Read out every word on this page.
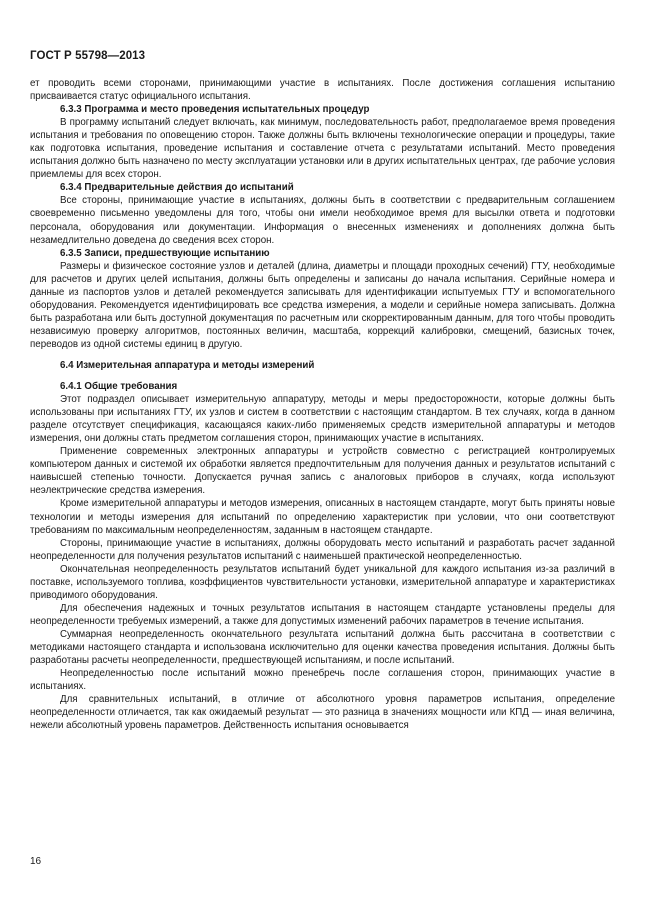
ГОСТ Р 55798—2013

ет проводить всеми сторонами, принимающими участие в испытаниях. После достижения соглашения испытанию присваивается статус официального испытания.

6.3.3 Программа и место проведения испытательных процедур

В программу испытаний следует включать, как минимум, последовательность работ, предполагаемое время проведения испытания и требования по оповещению сторон. Также должны быть включены технологические операции и процедуры, такие как подготовка испытания, проведение испытания и составление отчета с результатами испытаний. Место проведения испытания должно быть назначено по месту эксплуатации установки или в других испытательных центрах, где рабочие условия приемлемы для всех сторон.

6.3.4 Предварительные действия до испытаний

Все стороны, принимающие участие в испытаниях, должны быть в соответствии с предварительным соглашением своевременно письменно уведомлены для того, чтобы они имели необходимое время для высылки ответа и подготовки персонала, оборудования или документации. Информация о внесенных изменениях и дополнениях должна быть незамедлительно доведена до сведения всех сторон.

6.3.5 Записи, предшествующие испытанию

Размеры и физическое состояние узлов и деталей (длина, диаметры и площади проходных сечений) ГТУ, необходимые для расчетов и других целей испытания, должны быть определены и записаны до начала испытания. Серийные номера и данные из паспортов узлов и деталей рекомендуется записывать для идентификации испытуемых ГТУ и вспомогательного оборудования. Рекомендуется идентифицировать все средства измерения, а модели и серийные номера записывать. Должна быть разработана или быть доступной документация по расчетным или скорректированным данным, для того чтобы проводить независимую проверку алгоритмов, постоянных величин, масштаба, коррекций калибровки, смещений, базисных точек, переводов из одной системы единиц в другую.

6.4 Измерительная аппаратура и методы измерений

6.4.1 Общие требования

Этот подраздел описывает измерительную аппаратуру, методы и меры предосторожности, которые должны быть использованы при испытаниях ГТУ, их узлов и систем в соответствии с настоящим стандартом. В тех случаях, когда в данном разделе отсутствует спецификация, касающаяся каких-либо применяемых средств измерительной аппаратуры и методов измерения, они должны стать предметом соглашения сторон, принимающих участие в испытаниях.

Применение современных электронных аппаратуры и устройств совместно с регистрацией контролируемых компьютером данных и системой их обработки является предпочтительным для получения данных и результатов испытаний с наивысшей степенью точности. Допускается ручная запись с аналоговых приборов в случаях, когда используют неэлектрические средства измерения.

Кроме измерительной аппаратуры и методов измерения, описанных в настоящем стандарте, могут быть приняты новые технологии и методы измерения для испытаний по определению характеристик при условии, что они соответствуют требованиям по максимальным неопределенностям, заданным в настоящем стандарте.

Стороны, принимающие участие в испытаниях, должны оборудовать место испытаний и разработать расчет заданной неопределенности для получения результатов испытаний с наименьшей практической неопределенностью.

Окончательная неопределенность результатов испытаний будет уникальной для каждого испытания из-за различий в поставке, используемого топлива, коэффициентов чувствительности установки, измерительной аппаратуре и характеристиках приводимого оборудования.

Для обеспечения надежных и точных результатов испытания в настоящем стандарте установлены пределы для неопределенности требуемых измерений, а также для допустимых изменений рабочих параметров в течение испытания.

Суммарная неопределенность окончательного результата испытаний должна быть рассчитана в соответствии с методиками настоящего стандарта и использована исключительно для оценки качества проведения испытания. Должны быть разработаны расчеты неопределенности, предшествующей испытаниям, и после испытаний.

Неопределенностью после испытаний можно пренебречь после соглашения сторон, принимающих участие в испытаниях.

Для сравнительных испытаний, в отличие от абсолютного уровня параметров испытания, определение неопределенности отличается, так как ожидаемый результат — это разница в значениях мощности или КПД — иная величина, нежели абсолютный уровень параметров. Действенность испытания основывается

16
